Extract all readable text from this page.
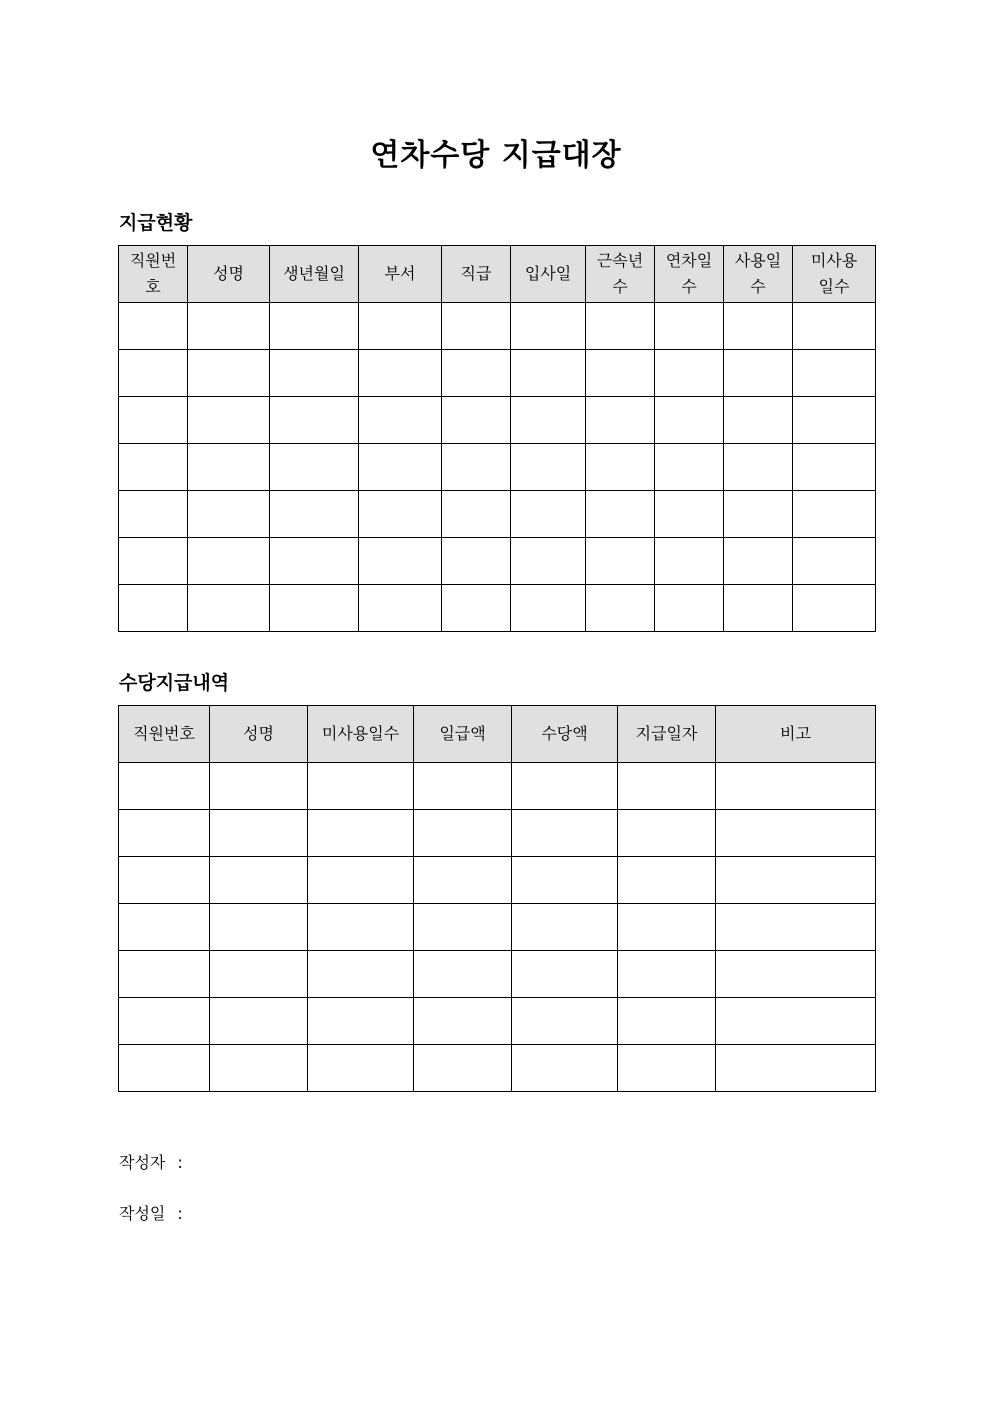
연차수당 지급대장
지급현황
직원번호	성명	생년월일	부서	직급	입사일	근속년수	연차일수	사용일수	미사용일수

수당지급내역
직원번호	성명	미사용일수	일급액	수당액	지급일자	비고

작성자 :

작성일 :
